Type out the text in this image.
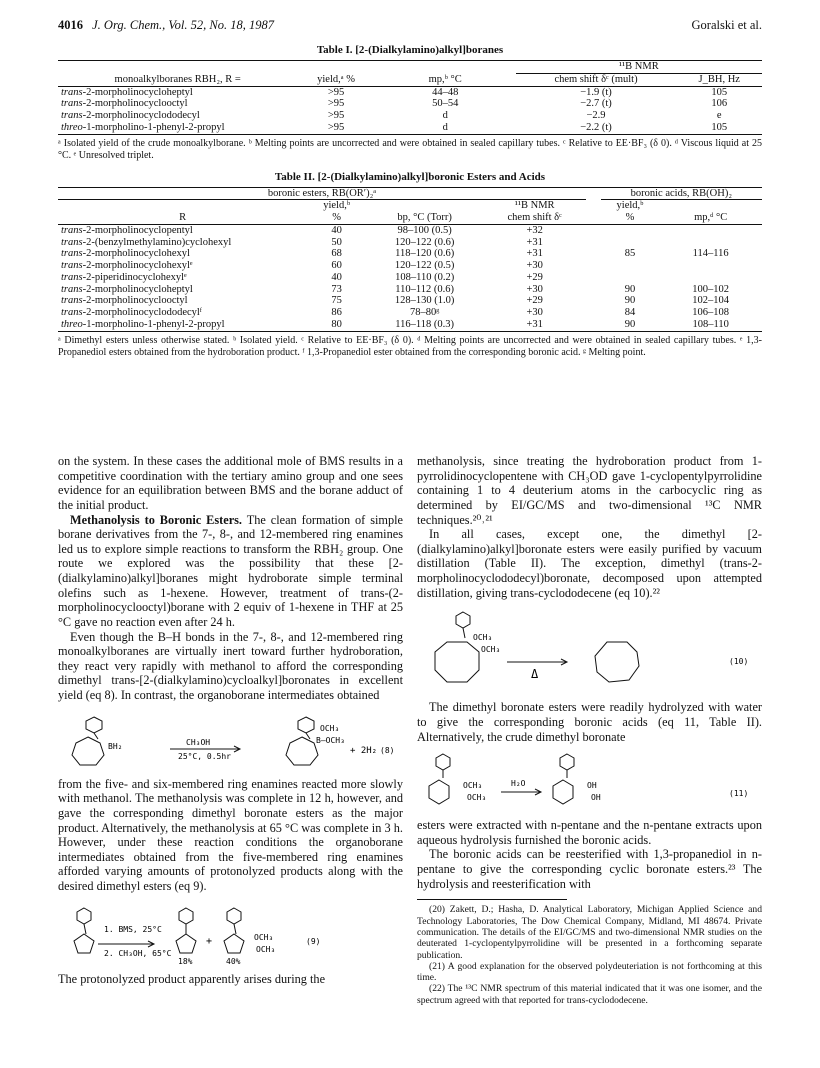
4016 J. Org. Chem., Vol. 52, No. 18, 1987	Goralski et al.
Table I. [2-(Dialkylamino)alkyl]boranes
			¹¹B NMR	
monoalkylboranes RBH₂, R =	yield,ᵃ %	mp,ᵇ °C	chem shift δᶜ (mult)	J_BH, Hz
trans-2-morpholinocycloheptyl	>95	44–48	−1.9 (t)	105
trans-2-morpholinocyclooctyl	>95	50–54	−2.7 (t)	106
trans-2-morpholinocyclododecyl	>95	d	−2.9	e
threo-1-morpholino-1-phenyl-2-propyl	>95	d	−2.2 (t)	105
ᵃ Isolated yield of the crude monoalkylborane. ᵇ Melting points are uncorrected and were obtained in sealed capillary tubes. ᶜ Relative to EE·BF₃ (δ 0). ᵈ Viscous liquid at 25 °C. ᵉ Unresolved triplet.
Table II. [2-(Dialkylamino)alkyl]boronic Esters and Acids
boronic esters, RB(OR′)₂ᵃ					boronic acids, RB(OH)₂	
	yield,ᵇ		¹¹B NMR		yield,ᵇ	
R	%	bp, °C (Torr)	chem shift δᶜ		%	mp,ᵈ °C
trans-2-morpholinocyclopentyl	40	98–100 (0.5)	+32			
trans-2-(benzylmethylamino)cyclohexyl	50	120–122 (0.6)	+31			
trans-2-morpholinocyclohexyl	68	118–120 (0.6)	+31		85	114–116
trans-2-morpholinocyclohexylᵉ	60	120–122 (0.5)	+30			
trans-2-piperidinocyclohexylᵉ	40	108–110 (0.2)	+29			
trans-2-morpholinocycloheptyl	73	110–112 (0.6)	+30		90	100–102
trans-2-morpholinocyclooctyl	75	128–130 (1.0)	+29		90	102–104
trans-2-morpholinocyclododecylᶠ	86	78–80ᵍ	+30		84	106–108
threo-1-morpholino-1-phenyl-2-propyl	80	116–118 (0.3)	+31		90	108–110
ᵃ Dimethyl esters unless otherwise stated. ᵇ Isolated yield. ᶜ Relative to EE·BF₃ (δ 0). ᵈ Melting points are uncorrected and were obtained in sealed capillary tubes. ᵉ 1,3-Propanediol esters obtained from the hydroboration product. ᶠ 1,3-Propanediol ester obtained from the corresponding boronic acid. ᵍ Melting point.

on the system. In these cases the additional mole of BMS results in a competitive coordination with the tertiary amino group and one sees evidence for an equilibration between BMS and the borane adduct of the initial product.

Methanolysis to Boronic Esters. The clean formation of simple borane derivatives from the 7-, 8-, and 12-membered ring enamines led us to explore simple reactions to transform the RBH₂ group. One route we explored was the possibility that these [2-(dialkylamino)alkyl]boranes might hydroborate simple terminal olefins such as 1-hexene. However, treatment of trans-(2-morpholinocyclooctyl)borane with 2 equiv of 1-hexene in THF at 25 °C gave no reaction even after 24 h.

Even though the B–H bonds in the 7-, 8-, and 12-membered ring monoalkylboranes are virtually inert toward further hydroboration, they react very rapidly with methanol to afford the corresponding dimethyl trans-[2-(dialkylamino)cycloalkyl]boronates in excellent yield (eq 8). In contrast, the organoborane intermediates obtained

BH₂	CH₃OH
25°C, 0.5hr
OCH₃
B–OCH₃
+ 2H₂ (8)

from the five- and six-membered ring enamines reacted more slowly with methanol. The methanolysis was complete in 12 h, however, and gave the corresponding dimethyl boronate esters as the major product. Alternatively, the methanolysis at 65 °C was complete in 3 h. However, under these reaction conditions the organoborane intermediates obtained from the five-membered ring enamines afforded varying amounts of protonolyzed products along with the desired dimethyl esters (eq 9).

1. BMS, 25°C
2. CH₃OH, 65°C
+	OCH₃
OCH₃
18%	40%
(9)

The protonolyzed product apparently arises during the

methanolysis, since treating the hydroboration product from 1-pyrrolidinocyclopentene with CH₃OD gave 1-cyclopentylpyrrolidine containing 1 to 4 deuterium atoms in the carbocyclic ring as determined by EI/GC/MS and two-dimensional ¹³C NMR techniques.²⁰˒²¹

In all cases, except one, the dimethyl [2-(dialkylamino)alkyl]boronate esters were easily purified by vacuum distillation (Table II). The exception, dimethyl (trans-2-morpholinocyclododecyl)boronate, decomposed upon attempted distillation, giving trans-cyclododecene (eq 10).²²

OCH₃
OCH₃
Δ
(10)

The dimethyl boronate esters were readily hydrolyzed with water to give the corresponding boronic acids (eq 11, Table II). Alternatively, the crude dimethyl boronate

OCH₃
OCH₃
H₂O	OH
OH	(11)

esters were extracted with n-pentane and the n-pentane extracts upon aqueous hydrolysis furnished the boronic acids.

The boronic acids can be reesterified with 1,3-propanediol in n-pentane to give the corresponding cyclic boronate esters.²³ The hydrolysis and reesterification with

(20) Zakett, D.; Hasha, D. Analytical Laboratory, Michigan Applied Science and Technology Laboratories, The Dow Chemical Company, Midland, MI 48674. Private communication. The details of the EI/GC/MS and two-dimensional NMR studies on the deuterated 1-cyclopentylpyrrolidine will be presented in a forthcoming separate publication.

(21) A good explanation for the observed polydeuteriation is not forthcoming at this time.

(22) The ¹³C NMR spectrum of this material indicated that it was one isomer, and the spectrum agreed with that reported for trans-cyclododecene.
